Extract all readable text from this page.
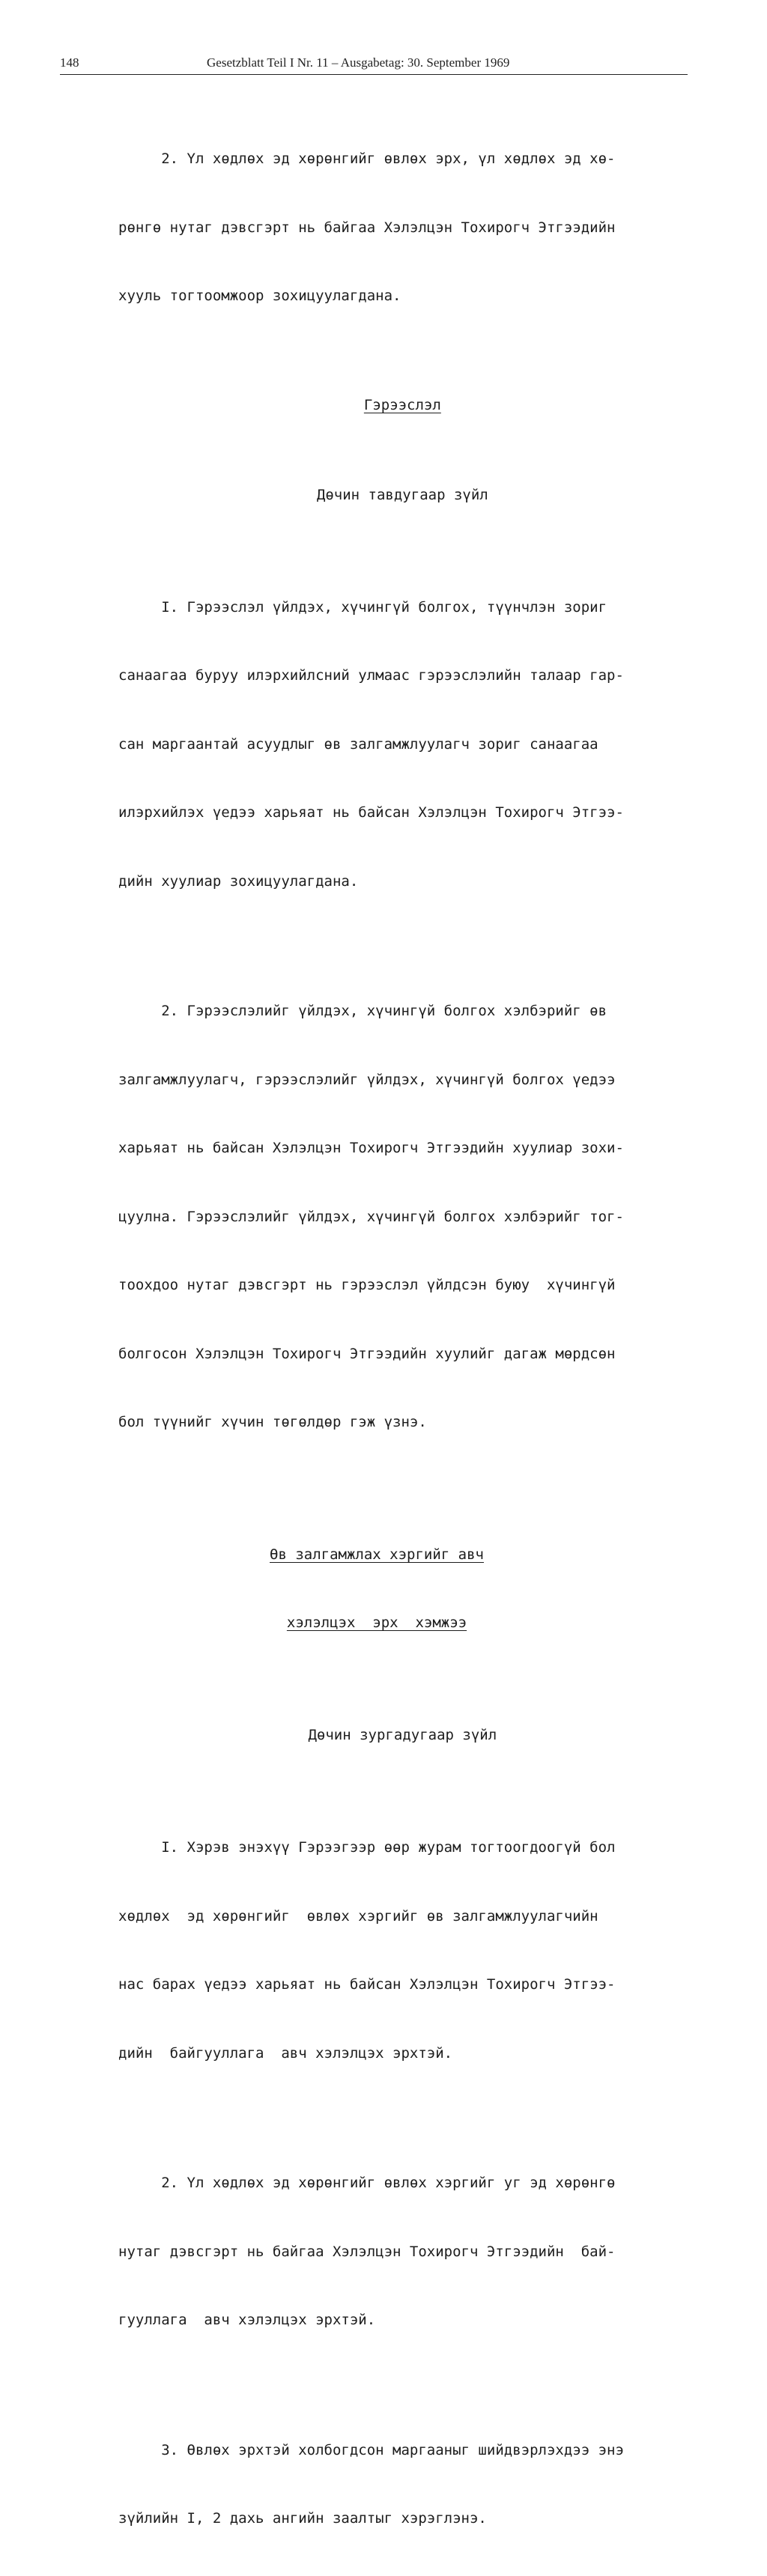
148	Gesetzblatt Teil I Nr. 11 – Ausgabetag: 30. September 1969

2. Үл хөдлөх эд хөрөнгийг өвлөх эрх, үл хөдлөх эд хө-

рөнгө нутаг дэвсгэрт нь байгаа Хэлэлцэн Тохирогч Этгээдийн

хууль тогтоомжоор зохицуулагдана.

Гэрээслэл

Дөчин тавдугаар зүйл

I. Гэрээслэл үйлдэх, хүчингүй болгох, түүнчлэн зориг

санаагаа буруу илэрхийлсний улмаас гэрээслэлийн талаар гар-

сан маргаантай асуудлыг өв залгамжлуулагч зориг санаагаа

илэрхийлэх үедээ харьяат нь байсан Хэлэлцэн Тохирогч Этгээ-

дийн хуулиар зохицуулагдана.

2. Гэрээслэлийг үйлдэх, хүчингүй болгох хэлбэрийг өв

залгамжлуулагч, гэрээслэлийг үйлдэх, хүчингүй болгох үедээ

харьяат нь байсан Хэлэлцэн Тохирогч Этгээдийн хуулиар зохи-

цуулна. Гэрээслэлийг үйлдэх, хүчингүй болгох хэлбэрийг тог-

тоохдоо нутаг дэвсгэрт нь гэрээслэл үйлдсэн буюу  хүчингүй

болгосон Хэлэлцэн Тохирогч Этгээдийн хуулийг дагаж мөрдсөн

бол түүнийг хүчин төгөлдөр гэж үзнэ.

Өв залгамжлах хэргийг авч

хэлэлцэх  эрх  хэмжээ

Дөчин зургадугаар зүйл

I. Хэрэв энэхүү Гэрээгээр өөр журам тогтоогдоогүй бол

хөдлөх  эд хөрөнгийг  өвлөх хэргийг өв залгамжлуулагчийн

нас барах үедээ харьяат нь байсан Хэлэлцэн Тохирогч Этгээ-

дийн  байгууллага  авч хэлэлцэх эрхтэй.

2. Үл хөдлөх эд хөрөнгийг өвлөх хэргийг уг эд хөрөнгө

нутаг дэвсгэрт нь байгаа Хэлэлцэн Тохирогч Этгээдийн  бай-

гууллага  авч хэлэлцэх эрхтэй.

3. Өвлөх эрхтэй холбогдсон маргааныг шийдвэрлэхдээ энэ

зүйлийн I, 2 дахь ангийн заалтыг хэрэглэнэ.
